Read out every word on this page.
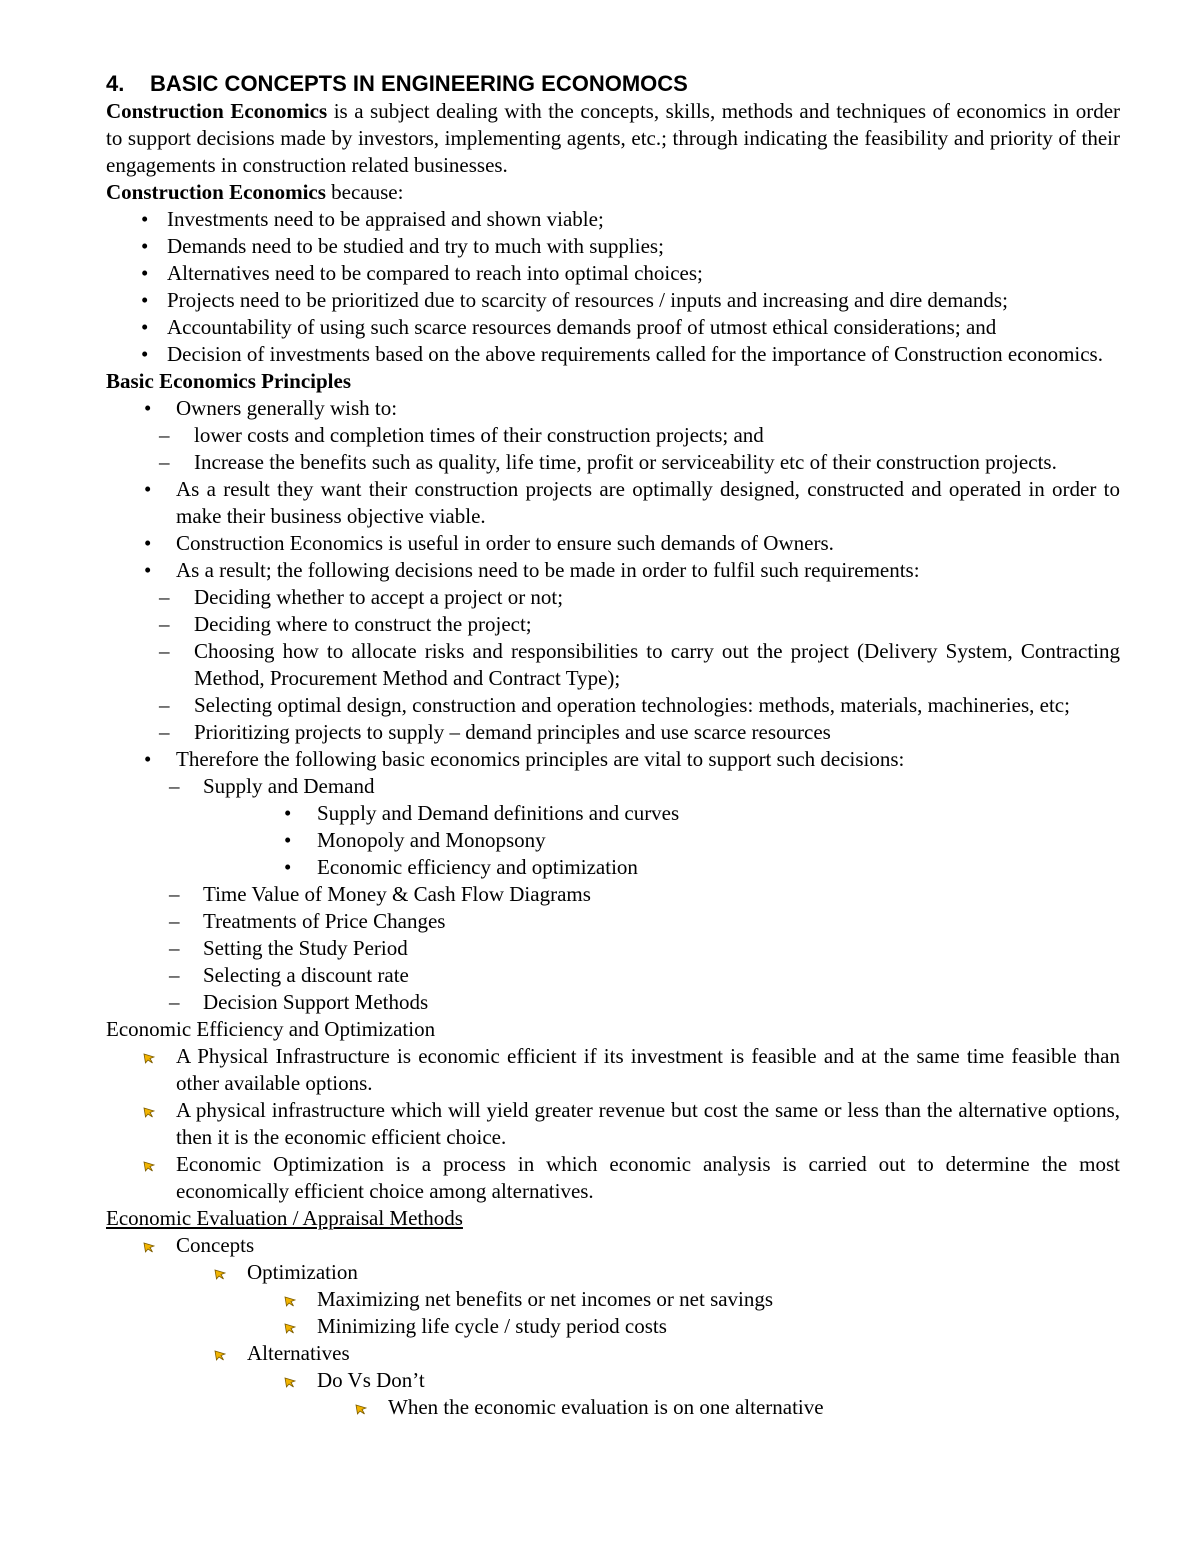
4. BASIC CONCEPTS IN ENGINEERING ECONOMOCS

Construction Economics is a subject dealing with the concepts, skills, methods and techniques of economics in order to support decisions made by investors, implementing agents, etc.; through indicating the feasibility and priority of their engagements in construction related businesses.

Construction Economics because:

• Investments need to be appraised and shown viable;
• Demands need to be studied and try to much with supplies;
• Alternatives need to be compared to reach into optimal choices;
• Projects need to be prioritized due to scarcity of resources / inputs and increasing and dire demands;
• Accountability of using such scarce resources demands proof of utmost ethical considerations; and
• Decision of investments based on the above requirements called for the importance of Construction economics.

Basic Economics Principles

• Owners generally wish to:
– lower costs and completion times of their construction projects; and
– Increase the benefits such as quality, life time, profit or serviceability etc of their construction projects.
• As a result they want their construction projects are optimally designed, constructed and operated in order to make their business objective viable.
• Construction Economics is useful in order to ensure such demands of Owners.
• As a result; the following decisions need to be made in order to fulfil such requirements:
– Deciding whether to accept a project or not;
– Deciding where to construct the project;
– Choosing how to allocate risks and responsibilities to carry out the project (Delivery System, Contracting Method, Procurement Method and Contract Type);
– Selecting optimal design, construction and operation technologies: methods, materials, machineries, etc;
– Prioritizing projects to supply – demand principles and use scarce resources
• Therefore the following basic economics principles are vital to support such decisions:
– Supply and Demand
• Supply and Demand definitions and curves
• Monopoly and Monopsony
• Economic efficiency and optimization
– Time Value of Money & Cash Flow Diagrams
– Treatments of Price Changes
– Setting the Study Period
– Selecting a discount rate
– Decision Support Methods

Economic Efficiency and Optimization

A Physical Infrastructure is economic efficient if its investment is feasible and at the same time feasible than other available options.
A physical infrastructure which will yield greater revenue but cost the same or less than the alternative options, then it is the economic efficient choice.
Economic Optimization is a process in which economic analysis is carried out to determine the most economically efficient choice among alternatives.

Economic Evaluation / Appraisal Methods

Concepts
Optimization
Maximizing net benefits or net incomes or net savings
Minimizing life cycle / study period costs
Alternatives
Do Vs Don’t
When the economic evaluation is on one alternative
